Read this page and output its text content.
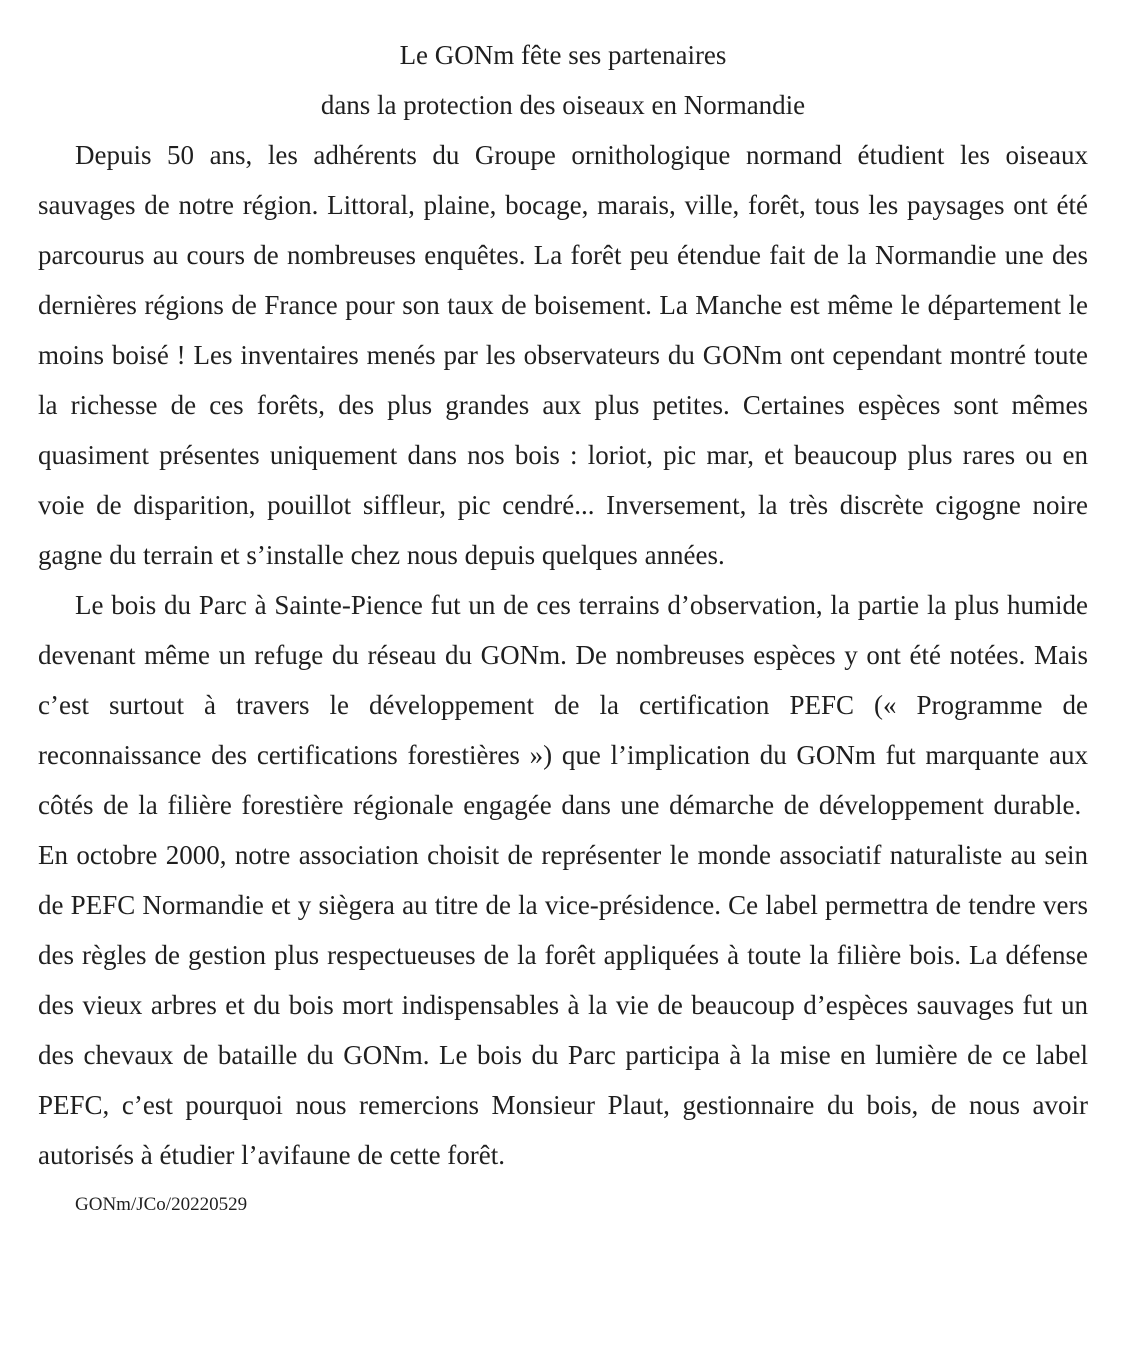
Le GONm fête ses partenaires
dans la protection des oiseaux en Normandie

Depuis 50 ans, les adhérents du Groupe ornithologique normand étudient les oiseaux sauvages de notre région. Littoral, plaine, bocage, marais, ville, forêt, tous les paysages ont été parcourus au cours de nombreuses enquêtes. La forêt peu étendue fait de la Normandie une des dernières régions de France pour son taux de boisement. La Manche est même le département le moins boisé ! Les inventaires menés par les observateurs du GONm ont cependant montré toute la richesse de ces forêts, des plus grandes aux plus petites. Certaines espèces sont mêmes quasiment présentes uniquement dans nos bois : loriot, pic mar, et beaucoup plus rares ou en voie de disparition, pouillot siffleur, pic cendré... Inversement, la très discrète cigogne noire gagne du terrain et s’installe chez nous depuis quelques années.

Le bois du Parc à Sainte-Pience fut un de ces terrains d’observation, la partie la plus humide devenant même un refuge du réseau du GONm. De nombreuses espèces y ont été notées. Mais c’est surtout à travers le développement de la certification PEFC (« Programme de reconnaissance des certifications forestières ») que l’implication du GONm fut marquante aux côtés de la filière forestière régionale engagée dans une démarche de développement durable.  En octobre 2000, notre association choisit de représenter le monde associatif naturaliste au sein de PEFC Normandie et y siègera au titre de la vice-présidence. Ce label permettra de tendre vers des règles de gestion plus respectueuses de la forêt appliquées à toute la filière bois. La défense des vieux arbres et du bois mort indispensables à la vie de beaucoup d’espèces sauvages fut un des chevaux de bataille du GONm. Le bois du Parc participa à la mise en lumière de ce label PEFC, c’est pourquoi nous remercions Monsieur Plaut, gestionnaire du bois, de nous avoir autorisés à étudier l’avifaune de cette forêt.

GONm/JCo/20220529
